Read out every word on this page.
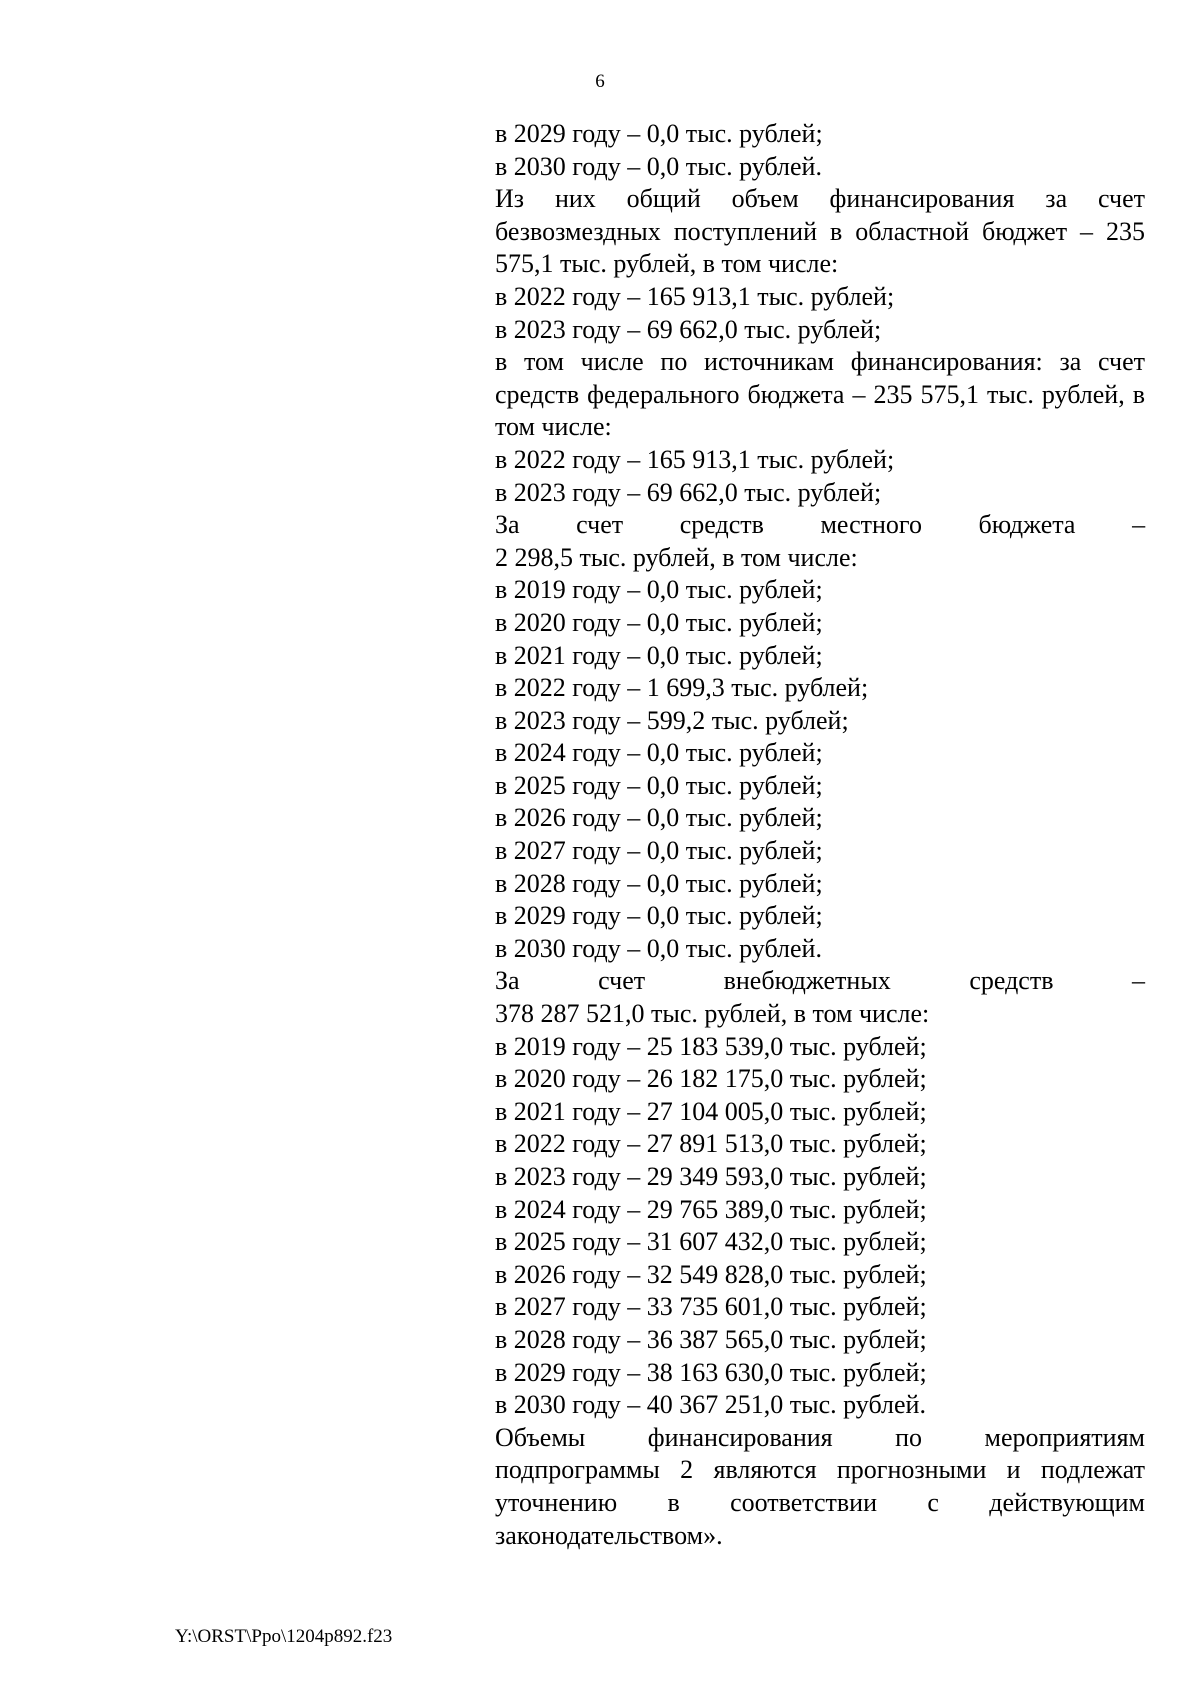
6
в 2029 году – 0,0 тыс. рублей;
в 2030 году – 0,0 тыс. рублей.
Из них общий объем финансирования за счет безвозмездных поступлений в областной бюджет – 235 575,1 тыс. рублей, в том числе:
в 2022 году – 165 913,1 тыс. рублей;
в 2023 году – 69 662,0 тыс. рублей;
в том числе по источникам финансирования: за счет средств федерального бюджета – 235 575,1 тыс. рублей, в том числе:
в 2022 году – 165 913,1 тыс. рублей;
в 2023 году – 69 662,0 тыс. рублей;
За счет средств местного бюджета –
2 298,5 тыс. рублей, в том числе:
в 2019 году – 0,0 тыс. рублей;
в 2020 году – 0,0 тыс. рублей;
в 2021 году – 0,0 тыс. рублей;
в 2022 году – 1 699,3 тыс. рублей;
в 2023 году – 599,2 тыс. рублей;
в 2024 году – 0,0 тыс. рублей;
в 2025 году – 0,0 тыс. рублей;
в 2026 году – 0,0 тыс. рублей;
в 2027 году – 0,0 тыс. рублей;
в 2028 году – 0,0 тыс. рублей;
в 2029 году – 0,0 тыс. рублей;
в 2030 году – 0,0 тыс. рублей.
За	счет	внебюджетных	средств	–
378 287 521,0 тыс. рублей, в том числе:
в 2019 году – 25 183 539,0 тыс. рублей;
в 2020 году – 26 182 175,0 тыс. рублей;
в 2021 году – 27 104 005,0 тыс. рублей;
в 2022 году – 27 891 513,0 тыс. рублей;
в 2023 году – 29 349 593,0 тыс. рублей;
в 2024 году – 29 765 389,0 тыс. рублей;
в 2025 году – 31 607 432,0 тыс. рублей;
в 2026 году – 32 549 828,0 тыс. рублей;
в 2027 году – 33 735 601,0 тыс. рублей;
в 2028 году – 36 387 565,0 тыс. рублей;
в 2029 году – 38 163 630,0 тыс. рублей;
в 2030 году – 40 367 251,0 тыс. рублей.
Объемы финансирования по мероприятиям подпрограммы 2 являются прогнозными и подлежат уточнению в соответствии с действующим законодательством».
Y:\ORST\Ppo\1204p892.f23
